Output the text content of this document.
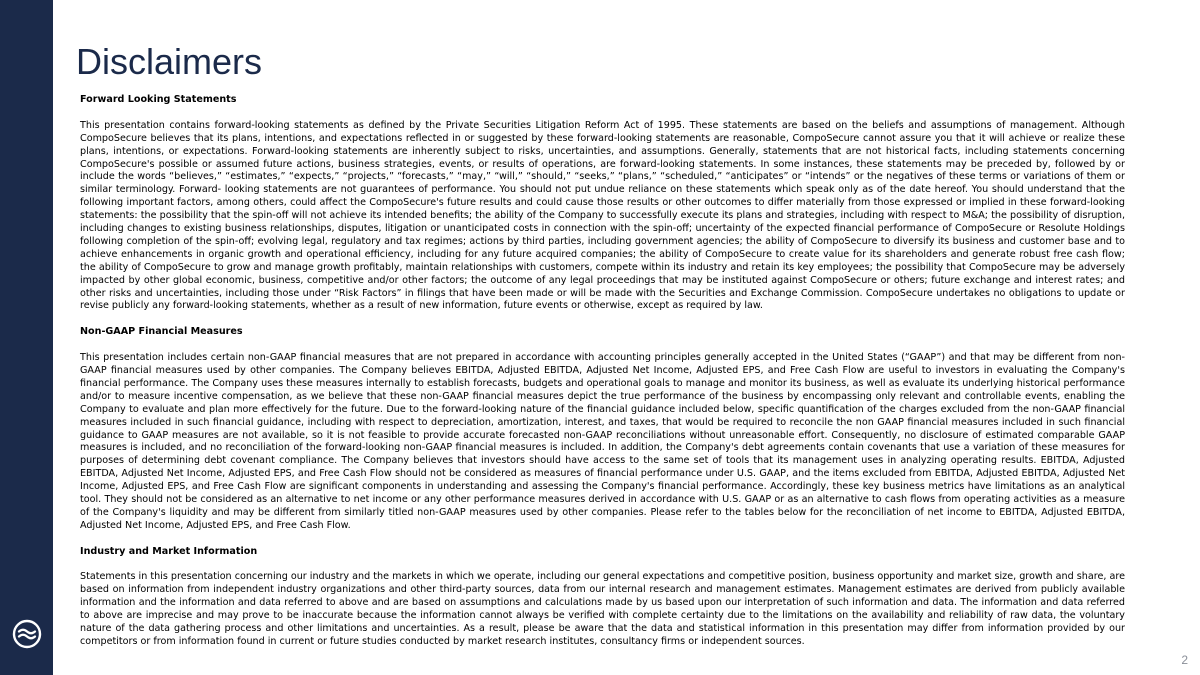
Disclaimers
Forward Looking Statements

This presentation contains forward-looking statements as defined by the Private Securities Litigation Reform Act of 1995. These statements are based on the beliefs and assumptions of management. Although CompoSecure believes that its plans, intentions, and expectations reflected in or suggested by these forward-looking statements are reasonable, CompoSecure cannot assure you that it will achieve or realize these plans, intentions, or expectations. Forward-looking statements are inherently subject to risks, uncertainties, and assumptions. Generally, statements that are not historical facts, including statements concerning CompoSecure's possible or assumed future actions, business strategies, events, or results of operations, are forward-looking statements. In some instances, these statements may be preceded by, followed by or include the words “believes,” “estimates,” “expects,” “projects,” “forecasts,” “may,” “will,” “should,” “seeks,” “plans,” “scheduled,” “anticipates” or “intends” or the negatives of these terms or variations of them or similar terminology. Forward- looking statements are not guarantees of performance. You should not put undue reliance on these statements which speak only as of the date hereof. You should understand that the following important factors, among others, could affect the CompoSecure's future results and could cause those results or other outcomes to differ materially from those expressed or implied in these forward-looking statements: the possibility that the spin-off will not achieve its intended benefits; the ability of the Company to successfully execute its plans and strategies, including with respect to M&A; the possibility of disruption, including changes to existing business relationships, disputes, litigation or unanticipated costs in connection with the spin-off; uncertainty of the expected financial performance of CompoSecure or Resolute Holdings following completion of the spin-off; evolving legal, regulatory and tax regimes; actions by third parties, including government agencies; the ability of CompoSecure to diversify its business and customer base and to achieve enhancements in organic growth and operational efficiency, including for any future acquired companies; the ability of CompoSecure to create value for its shareholders and generate robust free cash flow; the ability of CompoSecure to grow and manage growth profitably, maintain relationships with customers, compete within its industry and retain its key employees; the possibility that CompoSecure may be adversely impacted by other global economic, business, competitive and/or other factors; the outcome of any legal proceedings that may be instituted against CompoSecure or others; future exchange and interest rates; and other risks and uncertainties, including those under “Risk Factors” in filings that have been made or will be made with the Securities and Exchange Commission. CompoSecure undertakes no obligations to update or revise publicly any forward-looking statements, whether as a result of new information, future events or otherwise, except as required by law.

Non-GAAP Financial Measures

This presentation includes certain non-GAAP financial measures that are not prepared in accordance with accounting principles generally accepted in the United States (“GAAP”) and that may be different from non-GAAP financial measures used by other companies. The Company believes EBITDA, Adjusted EBITDA, Adjusted Net Income, Adjusted EPS, and Free Cash Flow are useful to investors in evaluating the Company's financial performance. The Company uses these measures internally to establish forecasts, budgets and operational goals to manage and monitor its business, as well as evaluate its underlying historical performance and/or to measure incentive compensation, as we believe that these non-GAAP financial measures depict the true performance of the business by encompassing only relevant and controllable events, enabling the Company to evaluate and plan more effectively for the future. Due to the forward-looking nature of the financial guidance included below, specific quantification of the charges excluded from the non-GAAP financial measures included in such financial guidance, including with respect to depreciation, amortization, interest, and taxes, that would be required to reconcile the non GAAP financial measures included in such financial guidance to GAAP measures are not available, so it is not feasible to provide accurate forecasted non-GAAP reconciliations without unreasonable effort. Consequently, no disclosure of estimated comparable GAAP measures is included, and no reconciliation of the forward-looking non-GAAP financial measures is included. In addition, the Company's debt agreements contain covenants that use a variation of these measures for purposes of determining debt covenant compliance. The Company believes that investors should have access to the same set of tools that its management uses in analyzing operating results. EBITDA, Adjusted EBITDA, Adjusted Net Income, Adjusted EPS, and Free Cash Flow should not be considered as measures of financial performance under U.S. GAAP, and the items excluded from EBITDA, Adjusted EBITDA, Adjusted Net Income, Adjusted EPS, and Free Cash Flow are significant components in understanding and assessing the Company's financial performance. Accordingly, these key business metrics have limitations as an analytical tool. They should not be considered as an alternative to net income or any other performance measures derived in accordance with U.S. GAAP or as an alternative to cash flows from operating activities as a measure of the Company's liquidity and may be different from similarly titled non-GAAP measures used by other companies. Please refer to the tables below for the reconciliation of net income to EBITDA, Adjusted EBITDA, Adjusted Net Income, Adjusted EPS, and Free Cash Flow.

Industry and Market Information

Statements in this presentation concerning our industry and the markets in which we operate, including our general expectations and competitive position, business opportunity and market size, growth and share, are based on information from independent industry organizations and other third-party sources, data from our internal research and management estimates. Management estimates are derived from publicly available information and the information and data referred to above and are based on assumptions and calculations made by us based upon our interpretation of such information and data. The information and data referred to above are imprecise and may prove to be inaccurate because the information cannot always be verified with complete certainty due to the limitations on the availability and reliability of raw data, the voluntary nature of the data gathering process and other limitations and uncertainties. As a result, please be aware that the data and statistical information in this presentation may differ from information provided by our competitors or from information found in current or future studies conducted by market research institutes, consultancy firms or independent sources.

2
